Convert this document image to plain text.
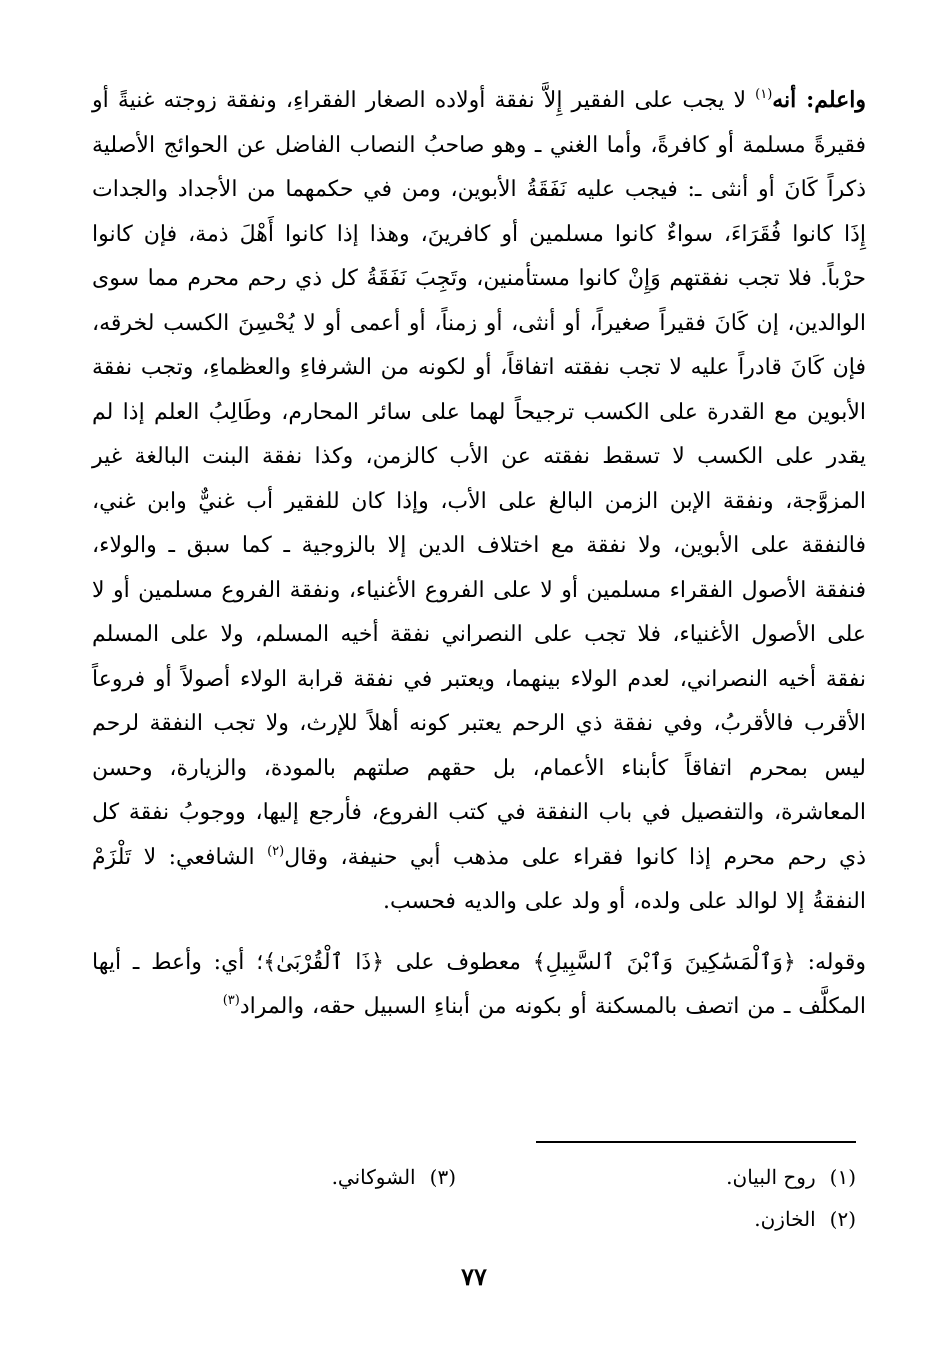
واعلم: أنه$^{(١)}$ لا يجب على الفقير إِلاَّ نفقة أولاده الصغار الفقراءِ، ونفقة زوجته غنيةً أو فقيرةً مسلمة أو كافرةً، وأما الغني ـ وهو صاحبُ النصاب الفاضل عن الحوائج الأصلية ذكراً كَانَ أو أنثى ـ: فيجب عليه نَفَقَةُ الأبوين، ومن في حكمهما من الأجداد والجدات إِذَا كانوا فُقَرَاءَ، سواءٌ كانوا مسلمين أو كافرينَ، وهذا إذا كانوا أَهْلَ ذمة، فإن كانوا حرْباً. فلا تجب نفقتهم وَإِنْ كانوا مستأمنين، وتَجِبَ نَفَقَةُ كل ذي رحم محرم مما سوى الوالدين، إن كَانَ فقيراً صغيراً، أو أنثى، أو زمناً، أو أعمى أو لا يُحْسِنَ الكسب لخرقه، فإن كَانَ قادراً عليه لا تجب نفقته اتفاقاً، أو لكونه من الشرفاءِ والعظماءِ، وتجب نفقة الأبوين مع القدرة على الكسب ترجيحاً لهما على سائر المحارم، وطَالِبُ العلم إذا لم يقدر على الكسب لا تسقط نفقته عن الأب كالزمن، وكذا نفقة البنت البالغة غير المزوَّجة، ونفقة الإبن الزمن البالغ على الأب، وإذا كان للفقير أب غنيٌّ وابن غني، فالنفقة على الأبوين، ولا نفقة مع اختلاف الدين إلا بالزوجية ـ كما سبق ـ والولاء، فنفقة الأصول الفقراء مسلمين أو لا على الفروع الأغنياء، ونفقة الفروع مسلمين أو لا على الأصول الأغنياء، فلا تجب على النصراني نفقة أخيه المسلم، ولا على المسلم نفقة أخيه النصراني، لعدم الولاء بينهما، ويعتبر في نفقة قرابة الولاء أصولاً أو فروعاً الأقرب فالأقربُ، وفي نفقة ذي الرحم يعتبر كونه أهلاً للإرث، ولا تجب النفقة لرحم ليس بمحرم اتفاقاً كأبناء الأعمام، بل حقهم صلتهم بالمودة، والزيارة، وحسن المعاشرة، والتفصيل في باب النفقة في كتب الفروع، فأرجع إليها، ووجوبُ نفقة كل ذي رحم محرم إذا كانوا فقراء على مذهب أبي حنيفة، وقال$^{(٢)}$ الشافعي: لا تَلْزَمْ النفقةُ إلا لوالد على ولده، أو ولد على والديه فحسب.

وقوله: ﴿وَٱلْمَسَٰكِينَ وَٱبْنَ ٱلسَّبِيلِ﴾ معطوف على ﴿ذَا ٱلْقُرْبَىٰ﴾؛ أي: وأعط ـ أيها المكلَّف ـ من اتصف بالمسكنة أو بكونه من أبناءِ السبيل حقه، والمراد$^{(٣)}$

(١)روح البيان.
(٣)الشوكاني.
(٢)الخازن.
٧٧
